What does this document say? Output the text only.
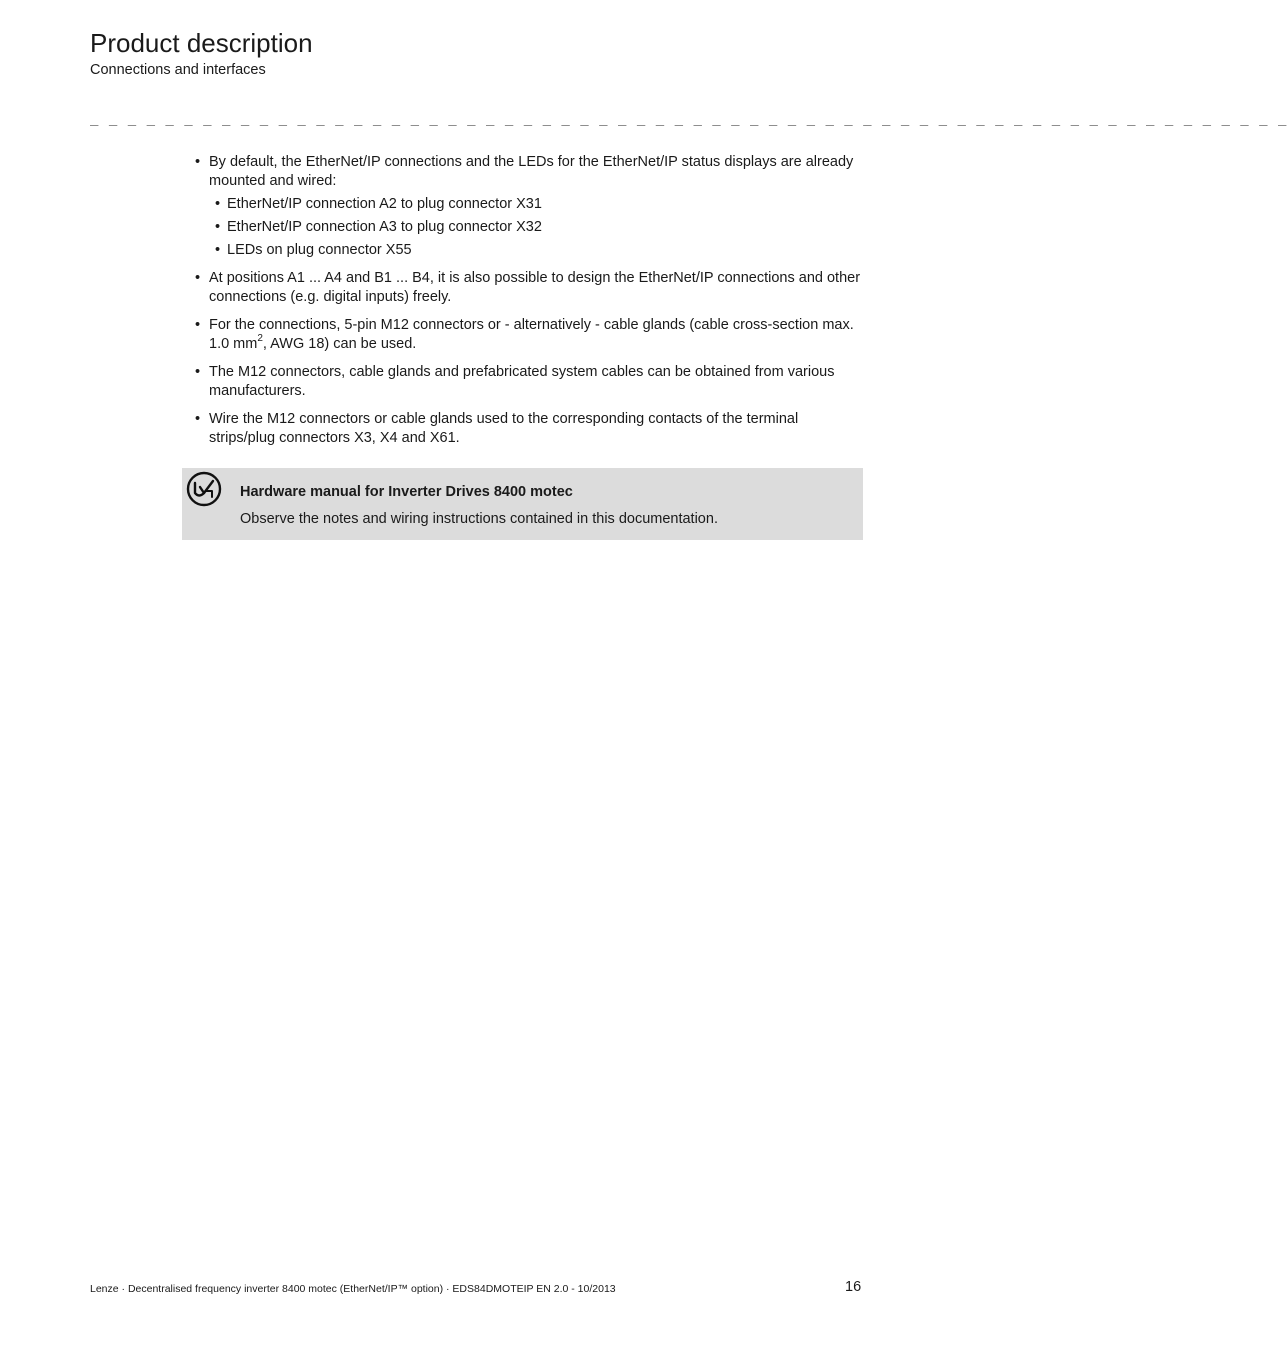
Product description
Connections and interfaces
_ _ _ _ _ _ _ _ _ _ _ _ _ _ _ _ _ _ _ _ _ _ _ _ _ _ _ _ _ _ _ _ _ _ _ _ _ _ _ _ _ _ _ _ _ _ _ _ _ _ _ _ _ _ _ _ _ _ _ _ _ _ _ _
• By default, the EtherNet/IP connections and the LEDs for the EtherNet/IP status displays are already mounted and wired:
• EtherNet/IP connection A2 to plug connector X31
• EtherNet/IP connection A3 to plug connector X32
• LEDs on plug connector X55
• At positions A1 ... A4 and B1 ... B4, it is also possible to design the EtherNet/IP connections and other connections (e.g. digital inputs) freely.
• For the connections, 5-pin M12 connectors or - alternatively - cable glands (cable cross-section max. 1.0 $mm^2$, AWG 18) can be used.
• The M12 connectors, cable glands and prefabricated system cables can be obtained from various manufacturers.
• Wire the M12 connectors or cable glands used to the corresponding contacts of the terminal strips/plug connectors X3, X4 and X61.
Hardware manual for Inverter Drives 8400 motec
Observe the notes and wiring instructions contained in this documentation.
Lenze · Decentralised frequency inverter 8400 motec (EtherNet/IP™ option) · EDS84DMOTEIP EN 2.0 - 10/2013	16
